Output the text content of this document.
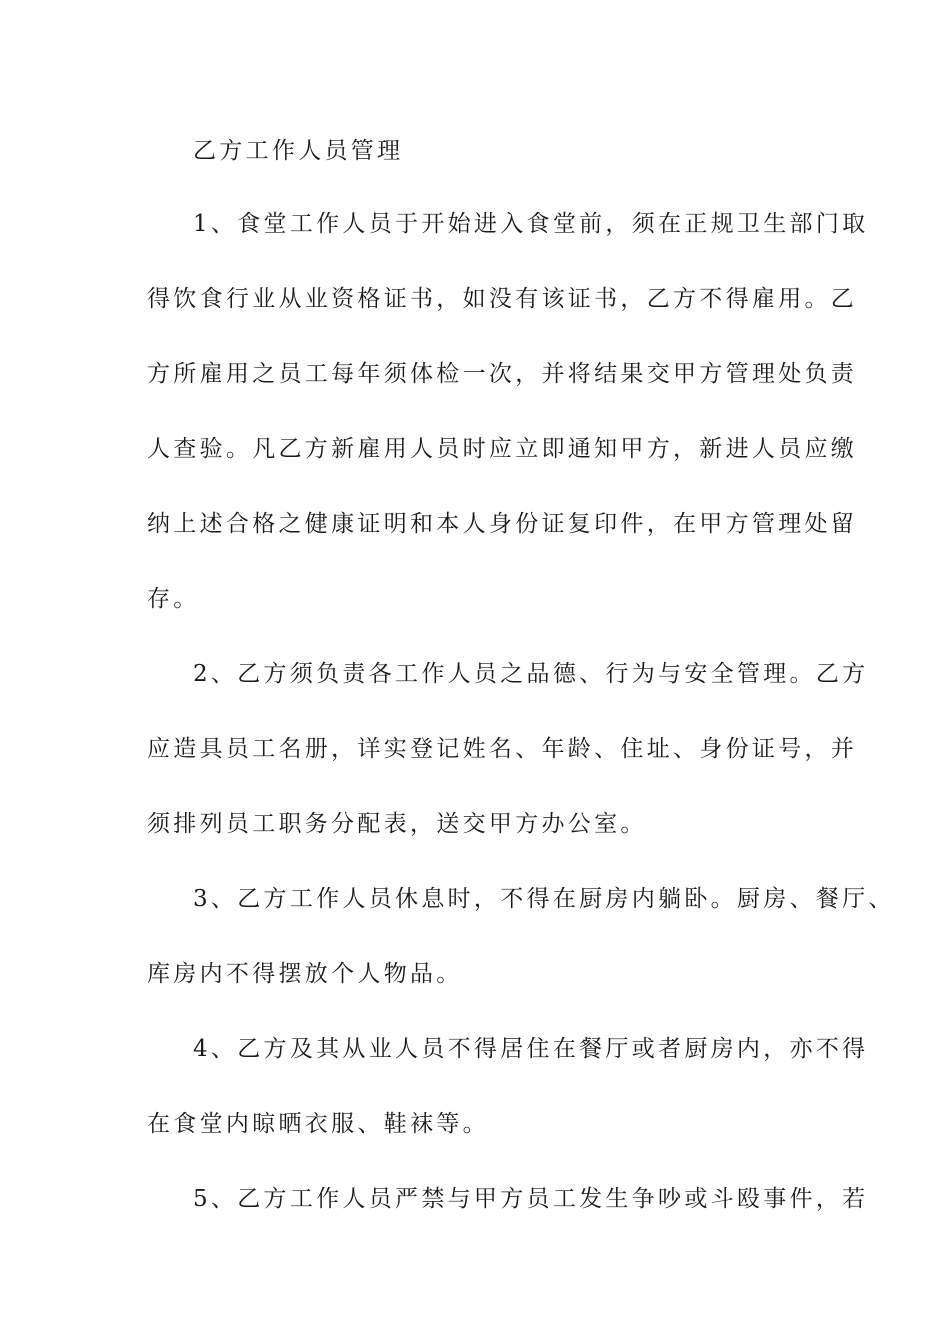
乙方工作人员管理
1、食堂工作人员于开始进入食堂前，须在正规卫生部门取
得饮食行业从业资格证书，如没有该证书，乙方不得雇用。乙
方所雇用之员工每年须体检一次，并将结果交甲方管理处负责
人查验。凡乙方新雇用人员时应立即通知甲方，新进人员应缴
纳上述合格之健康证明和本人身份证复印件，在甲方管理处留
存。
2、乙方须负责各工作人员之品德、行为与安全管理。乙方
应造具员工名册，详实登记姓名、年龄、住址、身份证号，并
须排列员工职务分配表，送交甲方办公室。
3、乙方工作人员休息时，不得在厨房内躺卧。厨房、餐厅、
库房内不得摆放个人物品。
4、乙方及其从业人员不得居住在餐厅或者厨房内，亦不得
在食堂内晾晒衣服、鞋袜等。
5、乙方工作人员严禁与甲方员工发生争吵或斗殴事件，若
